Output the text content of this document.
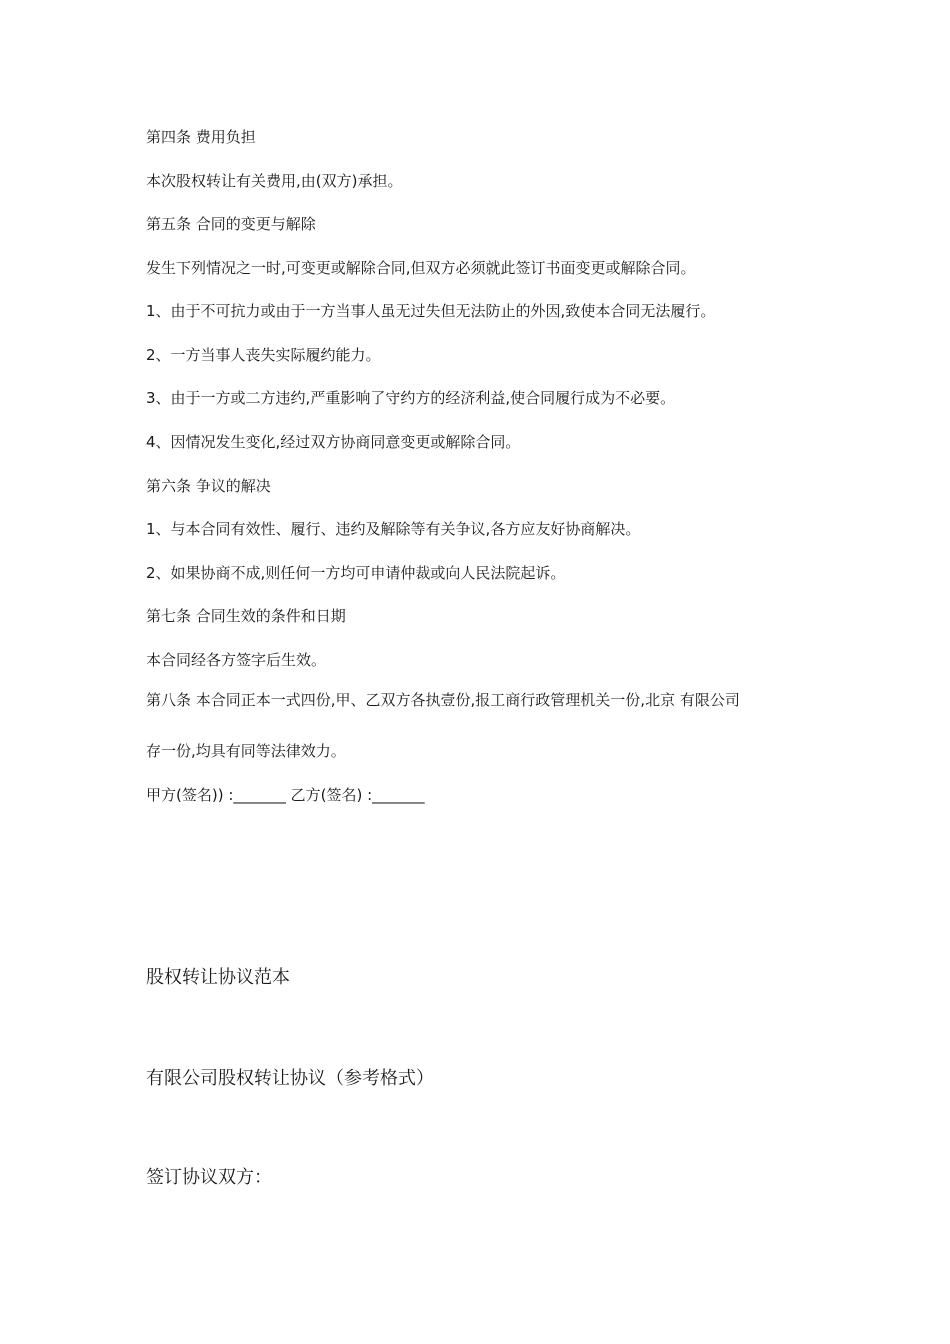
第四条 费用负担
本次股权转让有关费用,由(双方)承担。
第五条 合同的变更与解除
发生下列情况之一时,可变更或解除合同,但双方必须就此签订书面变更或解除合同。
1、由于不可抗力或由于一方当事人虽无过失但无法防止的外因,致使本合同无法履行。
2、一方当事人丧失实际履约能力。
3、由于一方或二方违约,严重影响了守约方的经济利益,使合同履行成为不必要。
4、因情况发生变化,经过双方协商同意变更或解除合同。
第六条 争议的解决
1、与本合同有效性、履行、违约及解除等有关争议,各方应友好协商解决。
2、如果协商不成,则任何一方均可申请仲裁或向人民法院起诉。
第七条 合同生效的条件和日期
本合同经各方签字后生效。
第八条 本合同正本一式四份,甲、乙双方各执壹份,报工商行政管理机关一份,北京 有限公司
存一份,均具有同等法律效力。
甲方(签名)) :_______ 乙方(签名) :_______
股权转让协议范本
有限公司股权转让协议（参考格式）
签订协议双方：
